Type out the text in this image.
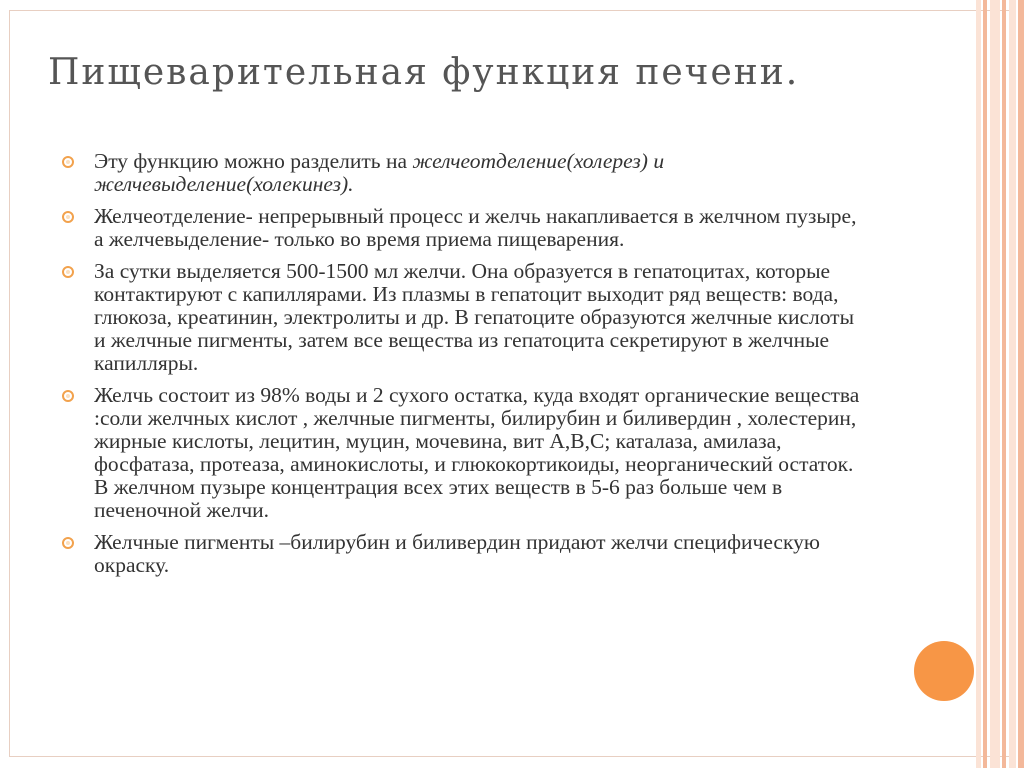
Пищеварительная функция печени.
Эту функцию можно разделить на желчеотделение(холерез) и желчевыделение(холекинез).
Желчеотделение- непрерывный процесс и желчь накапливается в желчном пузыре, а желчевыделение- только во время приема пищеварения.
За сутки выделяется 500-1500 мл желчи. Она образуется в гепатоцитах, которые контактируют с капиллярами. Из плазмы в гепатоцит выходит ряд веществ: вода, глюкоза, креатинин, электролиты и др. В гепатоците образуются желчные кислоты и желчные пигменты, затем все вещества из гепатоцита секретируют в желчные капилляры.
Желчь состоит из 98% воды и 2 сухого остатка, куда входят органические вещества :соли желчных кислот , желчные пигменты, билирубин и биливердин , холестерин, жирные кислоты, лецитин, муцин, мочевина, вит А,В,С; каталаза, амилаза, фосфатаза, протеаза, аминокислоты, и глюкокортикоиды, неорганический остаток. В желчном пузыре концентрация всех этих веществ в 5-6 раз больше чем в печеночной желчи.
Желчные пигменты –билирубин и биливердин придают желчи специфическую окраску.
